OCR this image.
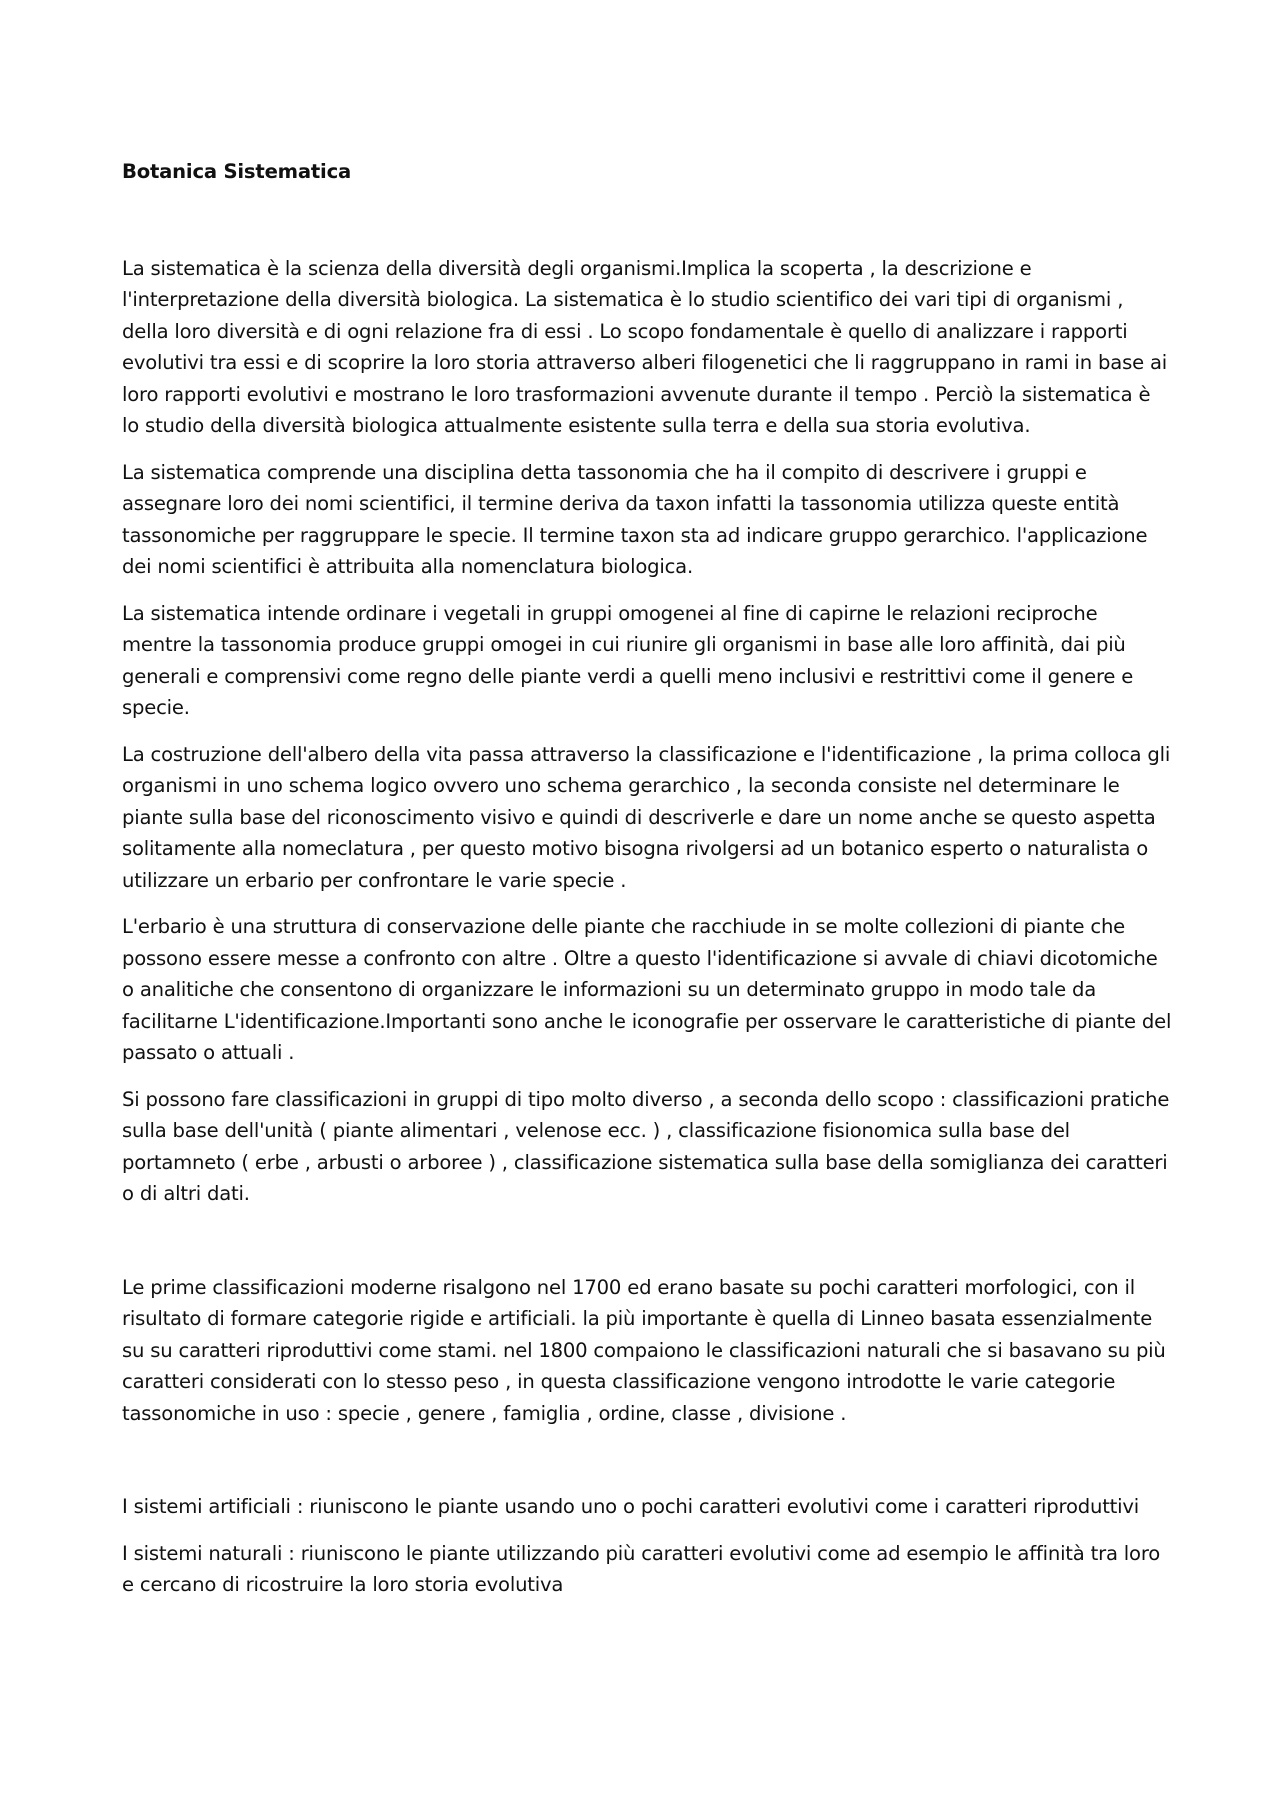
Botanica Sistematica

La sistematica è la scienza della diversità degli organismi.Implica la scoperta , la descrizione e l'interpretazione della diversità biologica. La sistematica è lo studio scientifico dei vari tipi di organismi , della loro diversità e di ogni relazione fra di essi . Lo scopo fondamentale è quello di analizzare i rapporti evolutivi tra essi e di scoprire la loro storia attraverso alberi filogenetici che li raggruppano in rami in base ai loro rapporti evolutivi e mostrano le loro trasformazioni avvenute durante il tempo . Perciò la sistematica è lo studio della diversità biologica attualmente esistente sulla terra e della sua storia evolutiva.

La sistematica comprende una disciplina detta tassonomia che ha il compito di descrivere i gruppi e assegnare loro dei nomi scientifici, il termine deriva da taxon infatti la tassonomia utilizza queste entità tassonomiche per raggruppare le specie. Il termine taxon sta ad indicare gruppo gerarchico. l'applicazione dei nomi scientifici è attribuita alla nomenclatura biologica.

La sistematica intende ordinare i vegetali in gruppi omogenei al fine di capirne le relazioni reciproche mentre la tassonomia produce gruppi omogei in cui riunire gli organismi in base alle loro affinità, dai più generali e comprensivi come regno delle piante verdi a quelli meno inclusivi e restrittivi come il genere e specie.

La costruzione dell'albero della vita passa attraverso la classificazione e l'identificazione , la prima colloca gli organismi in uno schema logico ovvero uno schema gerarchico , la seconda consiste nel determinare le piante sulla base del riconoscimento visivo e quindi di descriverle e dare un nome anche se questo aspetta solitamente alla nomeclatura , per questo motivo bisogna rivolgersi ad un botanico esperto o naturalista o utilizzare un erbario per confrontare le varie specie .

L'erbario è una struttura di conservazione delle piante che racchiude in se molte collezioni di piante che possono essere messe a confronto con altre . Oltre a questo l'identificazione si avvale di chiavi dicotomiche o analitiche che consentono di organizzare le informazioni su un determinato gruppo in modo tale da facilitarne L'identificazione.Importanti sono anche le iconografie per osservare le caratteristiche di piante del passato o attuali .

Si possono fare classificazioni in gruppi di tipo molto diverso , a seconda dello scopo : classificazioni pratiche sulla base dell'unità ( piante alimentari , velenose ecc. ) , classificazione fisionomica sulla base del portamneto ( erbe , arbusti o arboree ) , classificazione sistematica sulla base della somiglianza dei caratteri o di altri dati.

Le prime classificazioni moderne risalgono nel 1700 ed erano basate su pochi caratteri morfologici, con il risultato di formare categorie rigide e artificiali. la più importante è quella di Linneo basata essenzialmente su su caratteri riproduttivi come stami. nel 1800 compaiono le classificazioni naturali che si basavano su più caratteri considerati con lo stesso peso , in questa classificazione vengono introdotte le varie categorie tassonomiche in uso : specie , genere , famiglia , ordine, classe , divisione .

I sistemi artificiali : riuniscono le piante usando uno o pochi caratteri evolutivi come i caratteri riproduttivi

I sistemi naturali : riuniscono le piante utilizzando più caratteri evolutivi come ad esempio le affinità tra loro e cercano di ricostruire la loro storia evolutiva
